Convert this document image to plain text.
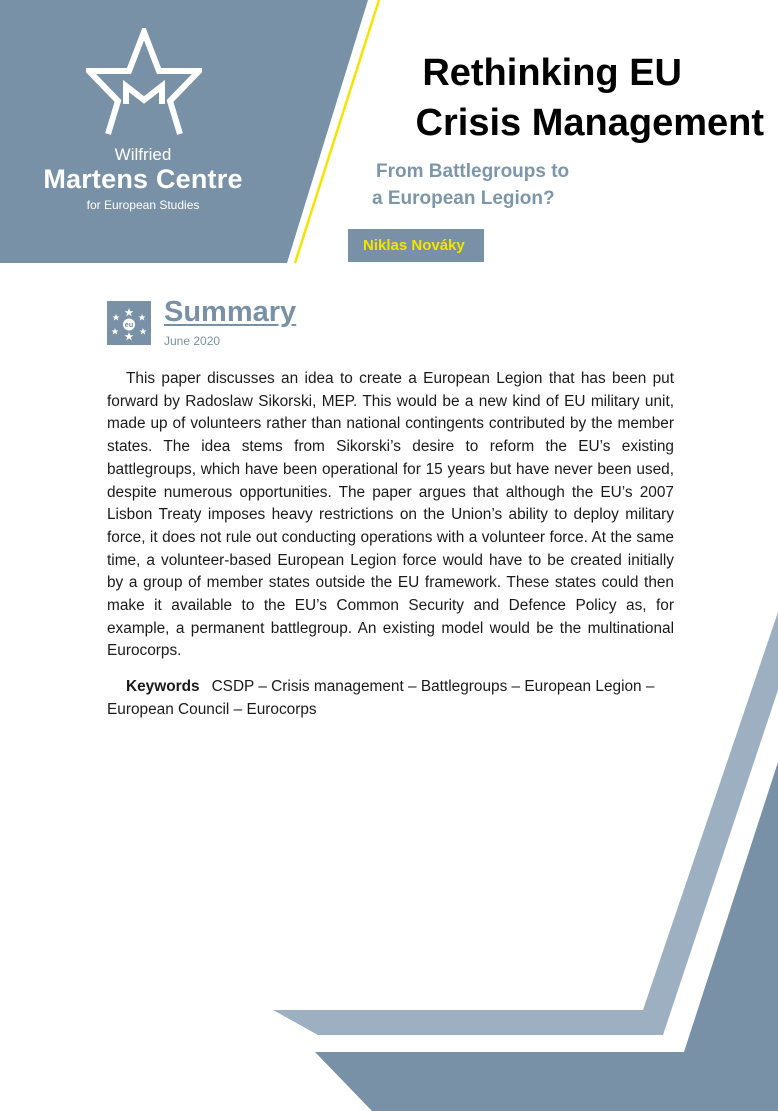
Wilfried
Martens Centre
for European Studies
Rethinking EU
Crisis Management
From Battlegroups to
a European Legion?
Niklas Nováky
eu Summary
June 2020

This paper discusses an idea to create a European Legion that has been put forward by Radoslaw Sikorski, MEP. This would be a new kind of EU military unit, made up of volunteers rather than national contingents contributed by the member states. The idea stems from Sikorski’s desire to reform the EU’s existing battlegroups, which have been operational for 15 years but have never been used, despite numerous opportunities. The paper argues that although the EU’s 2007 Lisbon Treaty imposes heavy restrictions on the Union’s ability to deploy military force, it does not rule out conducting operations with a volunteer force. At the same time, a volunteer-based European Legion force would have to be created initially by a group of member states outside the EU framework. These states could then make it available to the EU’s Common Security and Defence Policy as, for example, a permanent battlegroup. An existing model would be the multinational Eurocorps.

Keywords CSDP – Crisis management – Battlegroups – European Legion – European Council – Eurocorps
